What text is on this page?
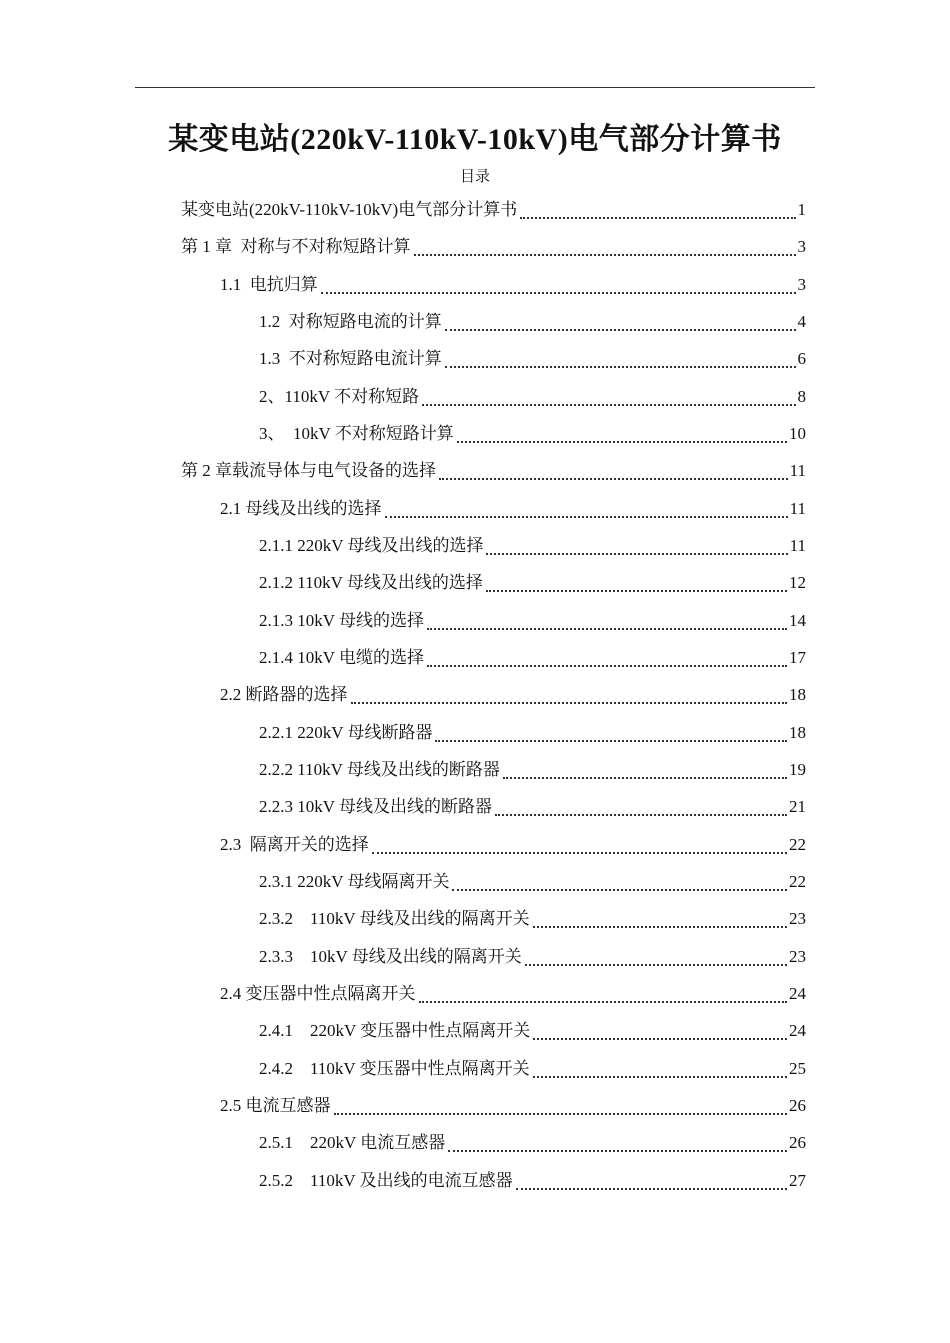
某变电站(220kV-110kV-10kV)电气部分计算书
目录
某变电站(220kV-110kV-10kV)电气部分计算书	1
第 1 章  对称与不对称短路计算	3
1.1  电抗归算	3
1.2  对称短路电流的计算	4
1.3  不对称短路电流计算	6
2、110kV 不对称短路	8
3、  10kV 不对称短路计算	10
第 2 章载流导体与电气设备的选择	11
2.1 母线及出线的选择	11
2.1.1 220kV 母线及出线的选择	11
2.1.2 110kV 母线及出线的选择	12
2.1.3 10kV 母线的选择	14
2.1.4 10kV 电缆的选择	17
2.2 断路器的选择	18
2.2.1 220kV 母线断路器	18
2.2.2 110kV 母线及出线的断路器	19
2.2.3 10kV 母线及出线的断路器	21
2.3  隔离开关的选择	22
2.3.1 220kV 母线隔离开关	22
2.3.2    110kV 母线及出线的隔离开关	23
2.3.3    10kV 母线及出线的隔离开关	23
2.4 变压器中性点隔离开关	24
2.4.1    220kV 变压器中性点隔离开关	24
2.4.2    110kV 变压器中性点隔离开关	25
2.5 电流互感器	26
2.5.1    220kV 电流互感器	26
2.5.2    110kV 及出线的电流互感器	27
